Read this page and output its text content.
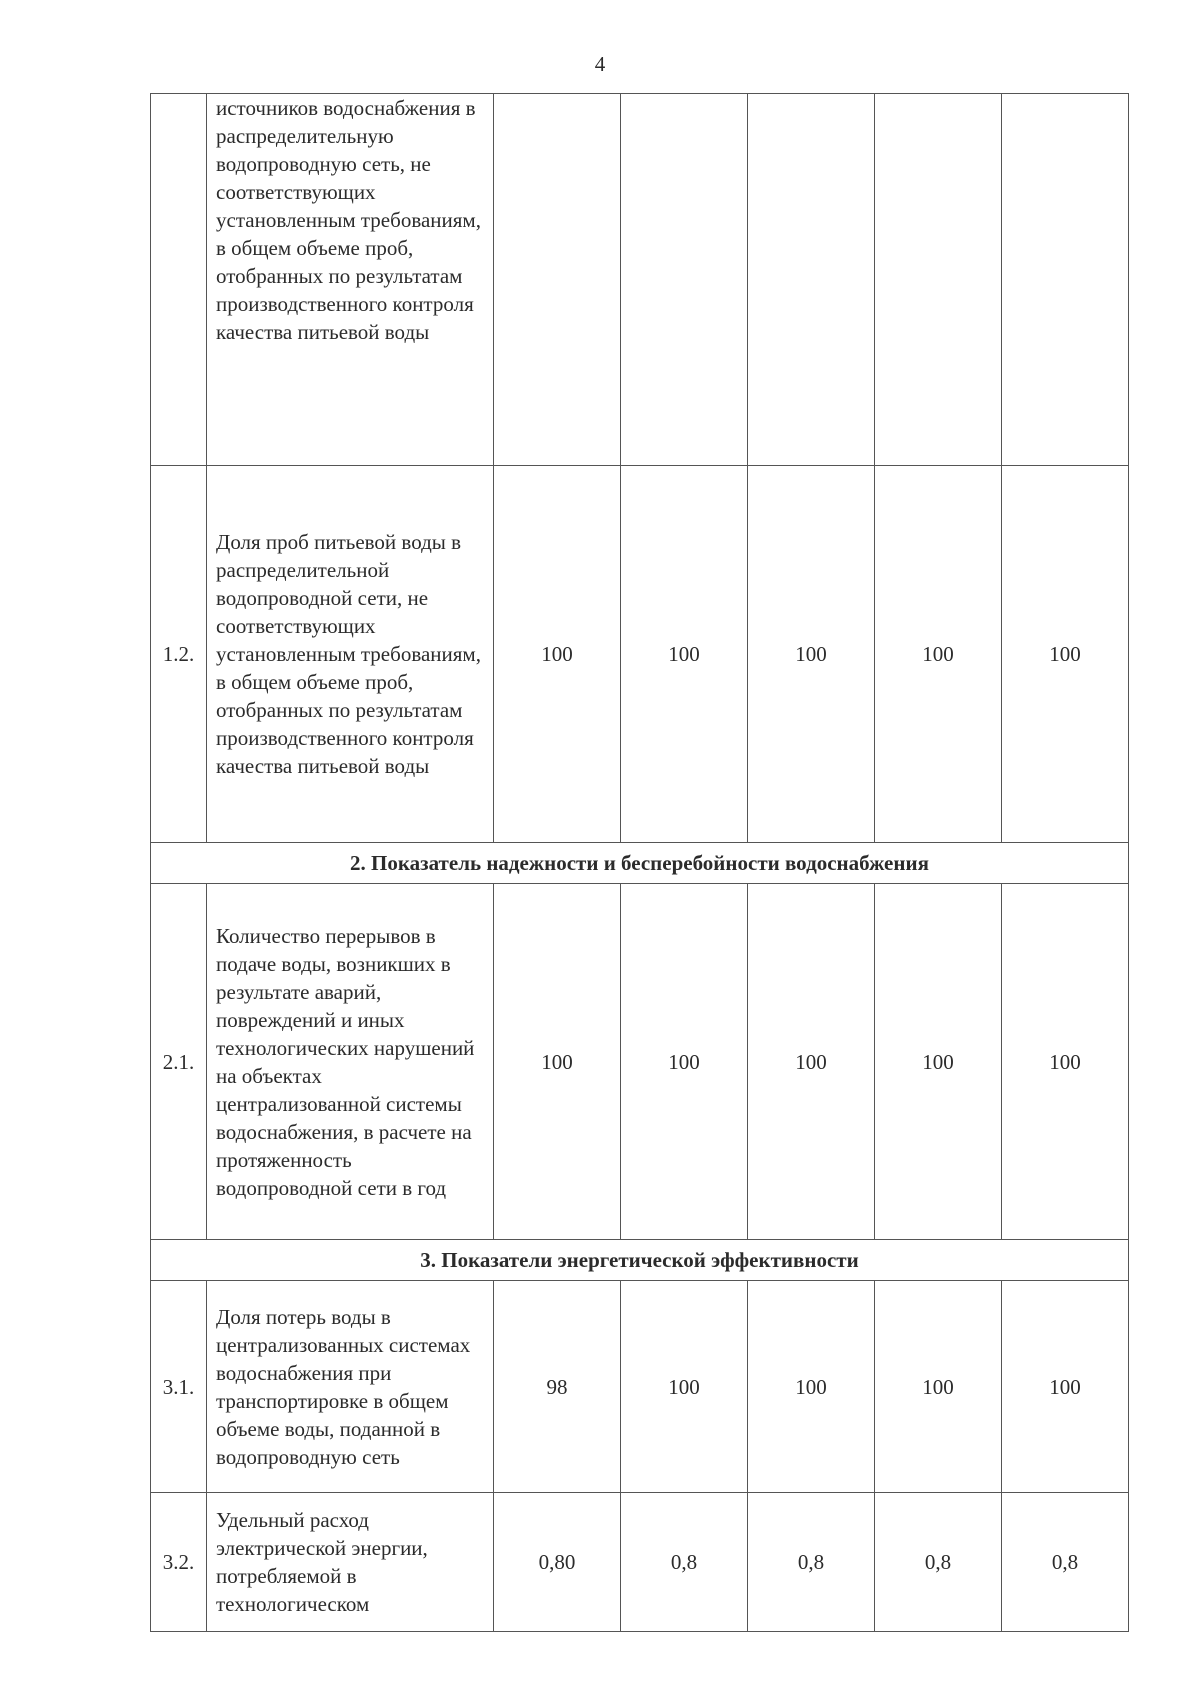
4
	источников водоснабжения в распределительную водопроводную сеть, не соответствующих установленным требованиям, в общем объеме проб, отобранных по результатам производственного контроля качества питьевой воды					
1.2.	Доля проб питьевой воды в распределительной водопроводной сети, не соответствующих установленным требованиям, в общем объеме проб, отобранных по результатам производственного контроля качества питьевой воды	100	100	100	100	100
2. Показатель надежности и бесперебойности водоснабжения						
2.1.	Количество перерывов в подаче воды, возникших в результате аварий, повреждений и иных технологических нарушений на объектах централизованной системы водоснабжения, в расчете на протяженность водопроводной сети в год	100	100	100	100	100
3. Показатели энергетической эффективности						
3.1.	Доля потерь воды в централизованных системах водоснабжения при транспортировке в общем объеме воды, поданной в водопроводную сеть	98	100	100	100	100
3.2.	Удельный расход электрической энергии, потребляемой в технологическом	0,80	0,8	0,8	0,8	0,8
